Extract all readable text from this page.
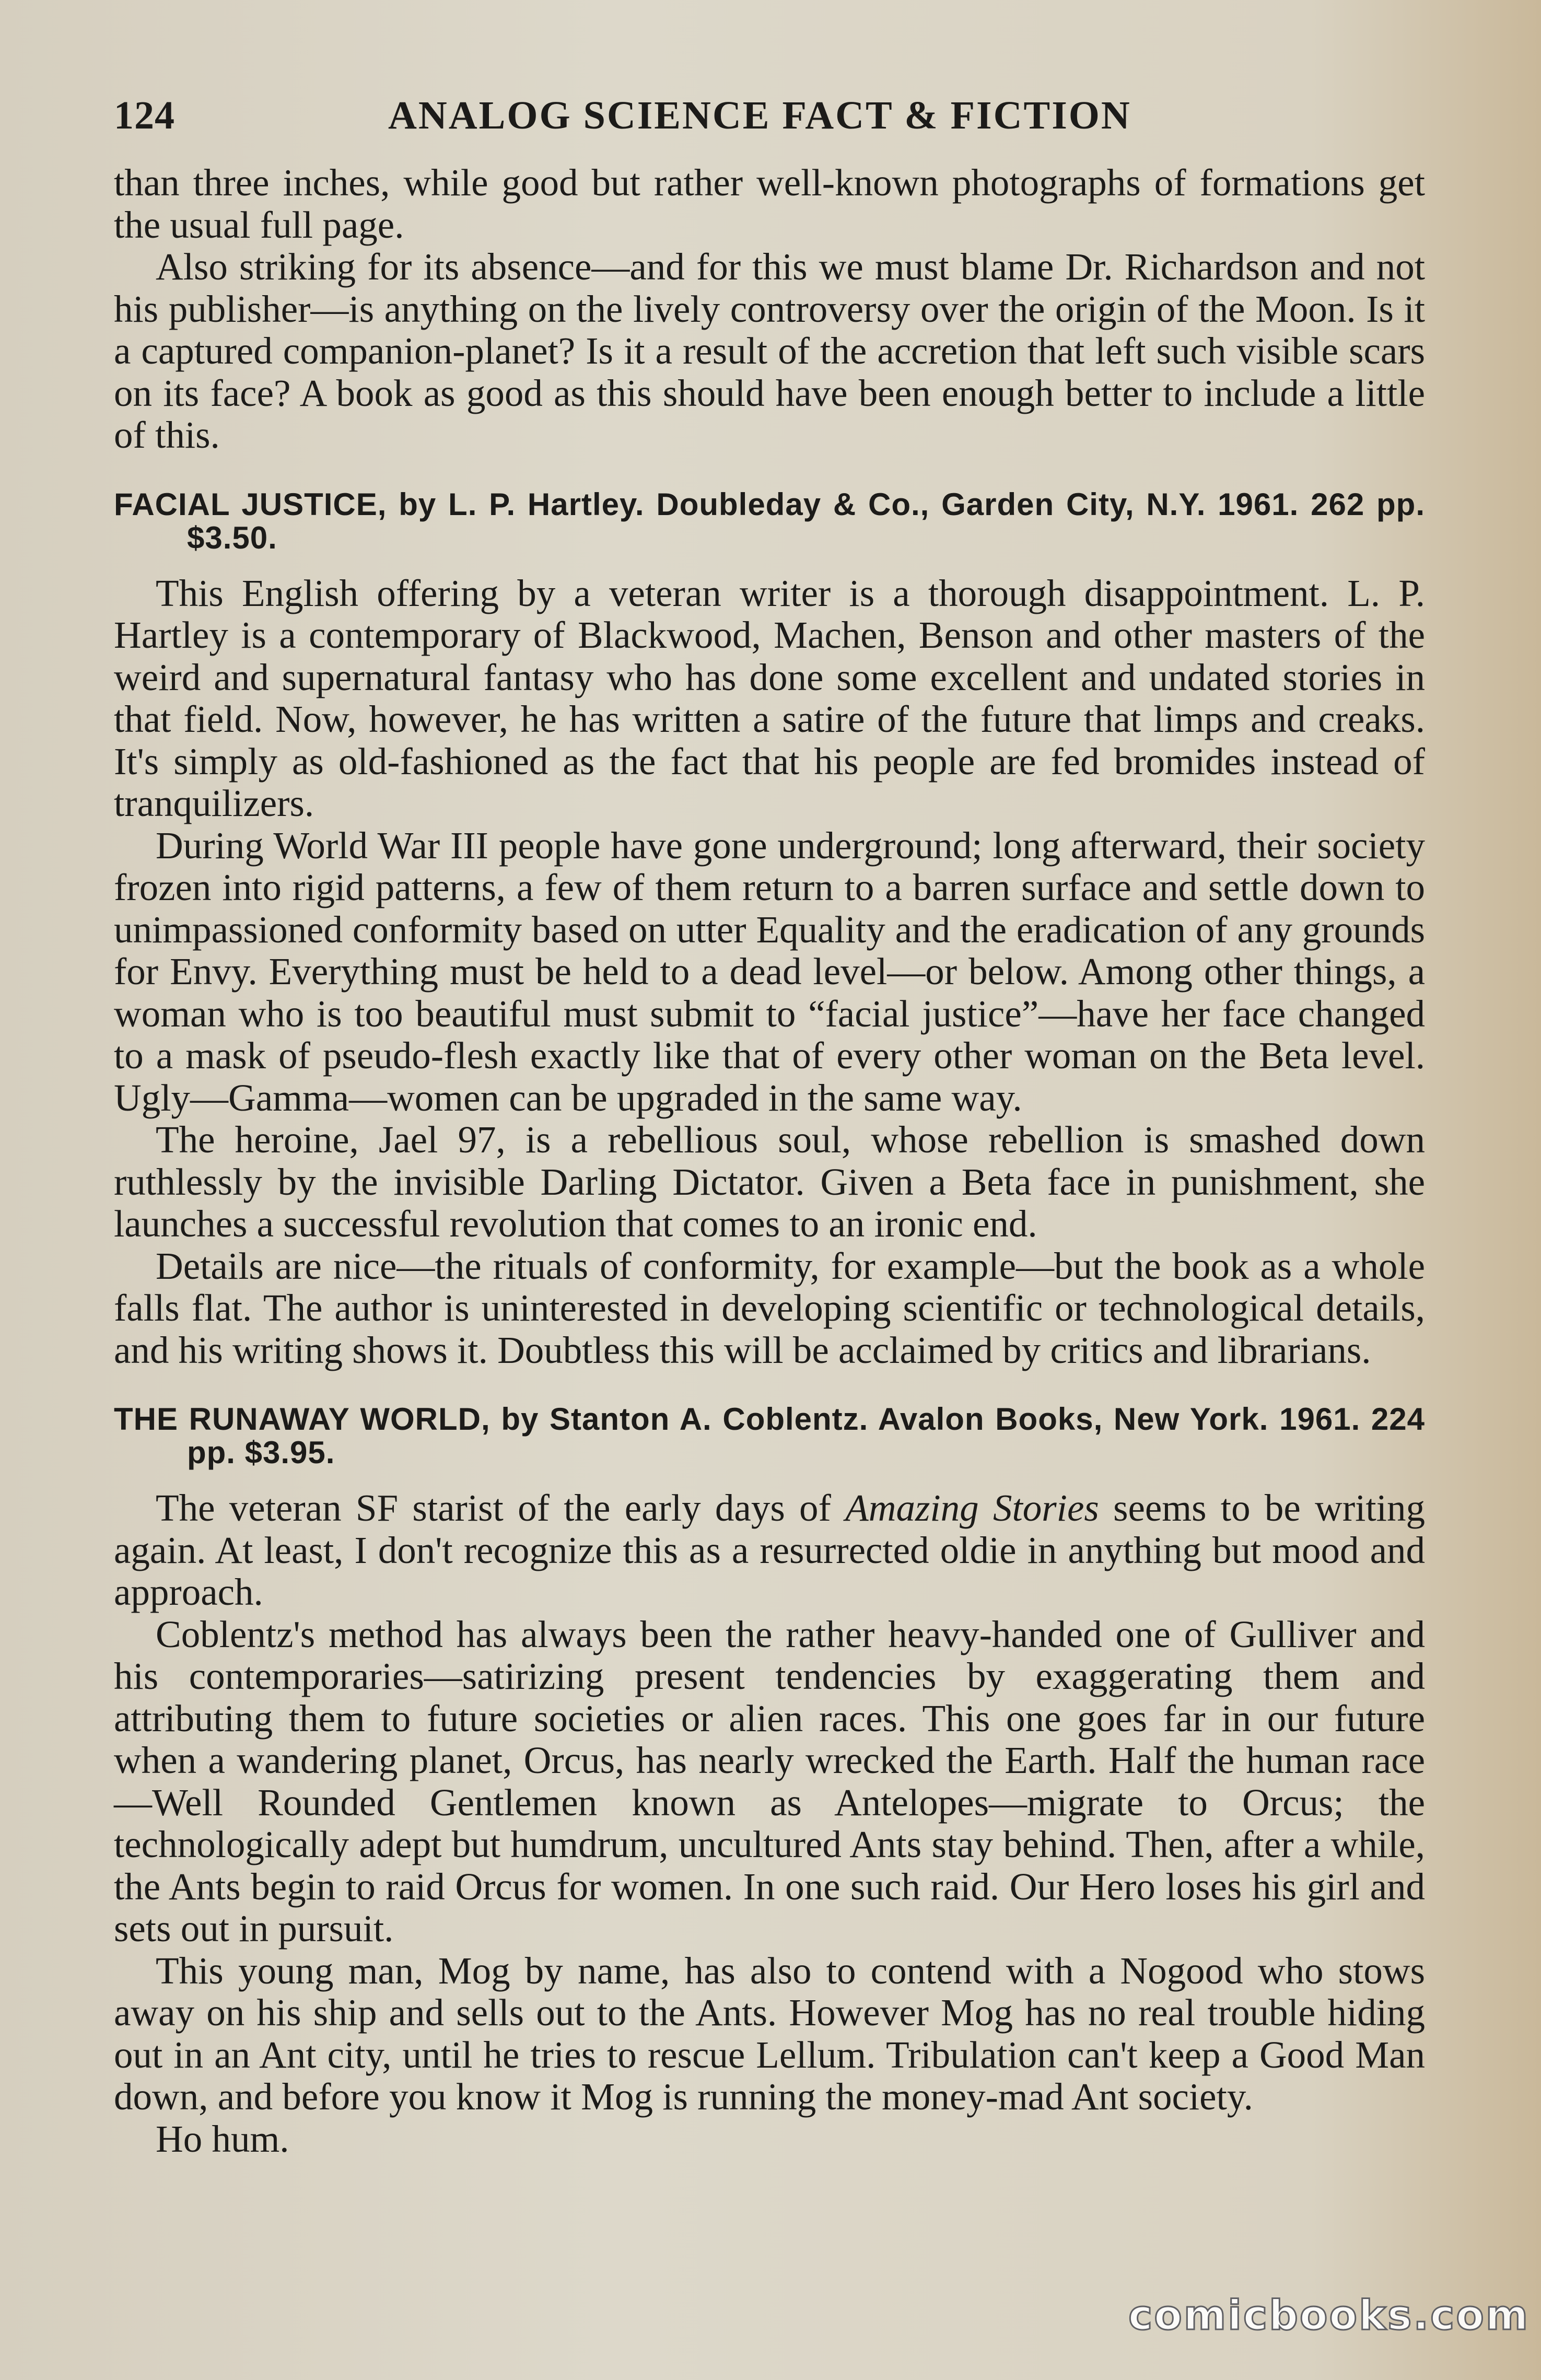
124	ANALOG SCIENCE FACT & FICTION

than three inches, while good but rather well-known photographs of formations get the usual full page.

Also striking for its absence—and for this we must blame Dr. Richardson and not his publisher—is anything on the lively controversy over the origin of the Moon. Is it a captured companion-planet? Is it a result of the accretion that left such visible scars on its face? A book as good as this should have been enough better to include a little of this.

FACIAL JUSTICE, by L. P. Hartley. Doubleday & Co., Garden City, N.Y. 1961. 262 pp. $3.50.

This English offering by a veteran writer is a thorough disappointment. L. P. Hartley is a contemporary of Blackwood, Machen, Benson and other masters of the weird and supernatural fantasy who has done some excellent and undated stories in that field. Now, however, he has written a satire of the future that limps and creaks. It's simply as old-fashioned as the fact that his people are fed bromides instead of tranquilizers.

During World War III people have gone underground; long afterward, their society frozen into rigid patterns, a few of them return to a barren surface and settle down to unimpassioned conformity based on utter Equality and the eradication of any grounds for Envy. Everything must be held to a dead level—or below. Among other things, a woman who is too beautiful must submit to “facial justice”—have her face changed to a mask of pseudo-flesh exactly like that of every other woman on the Beta level. Ugly—Gamma—women can be upgraded in the same way.

The heroine, Jael 97, is a rebellious soul, whose rebellion is smashed down ruthlessly by the invisible Darling Dictator. Given a Beta face in punishment, she launches a successful revolution that comes to an ironic end.

Details are nice—the rituals of conformity, for example—but the book as a whole falls flat. The author is uninterested in developing scientific or technological details, and his writing shows it. Doubtless this will be acclaimed by critics and librarians.

THE RUNAWAY WORLD, by Stanton A. Coblentz. Avalon Books, New York. 1961. 224 pp. $3.95.

The veteran SF starist of the early days of Amazing Stories seems to be writing again. At least, I don't recognize this as a resurrected oldie in anything but mood and approach.

Coblentz's method has always been the rather heavy-handed one of Gulliver and his contemporaries—satirizing present tendencies by exaggerating them and attributing them to future societies or alien races. This one goes far in our future when a wandering planet, Orcus, has nearly wrecked the Earth. Half the human race—Well Rounded Gentlemen known as Antelopes—migrate to Orcus; the technologically adept but humdrum, uncultured Ants stay behind. Then, after a while, the Ants begin to raid Orcus for women. In one such raid. Our Hero loses his girl and sets out in pursuit.

This young man, Mog by name, has also to contend with a Nogood who stows away on his ship and sells out to the Ants. However Mog has no real trouble hiding out in an Ant city, until he tries to rescue Lellum. Tribulation can't keep a Good Man down, and before you know it Mog is running the money-mad Ant society.

Ho hum.

comicbooks.com
